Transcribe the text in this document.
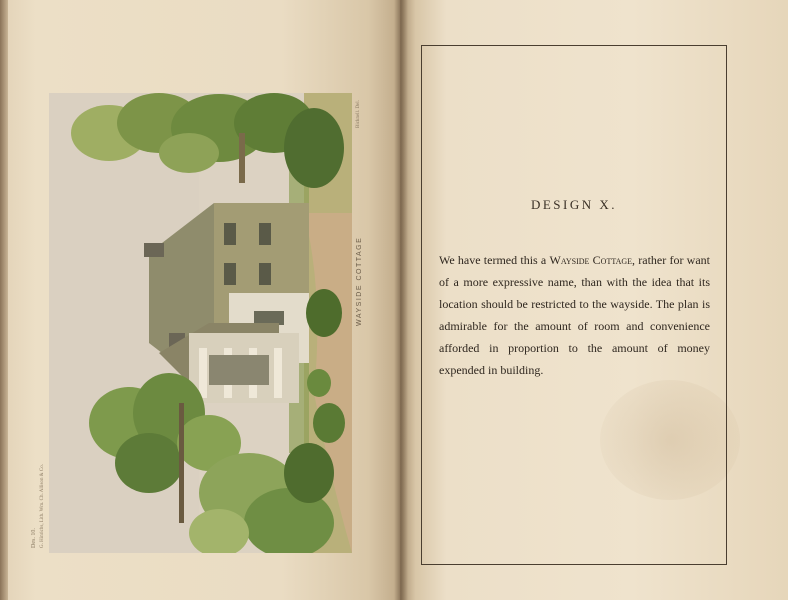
WAYSIDE COTTAGE
Des. 10. G. Hinrichs, Lith. Wm. Ch. Allison & Co.
Bicknell. Del.
DESIGN X.
We have termed this a Wayside Cottage, rather for want of a more expressive name, than with the idea that its location should be restricted to the wayside. The plan is admirable for the amount of room and convenience afforded in proportion to the amount of money expended in building.
